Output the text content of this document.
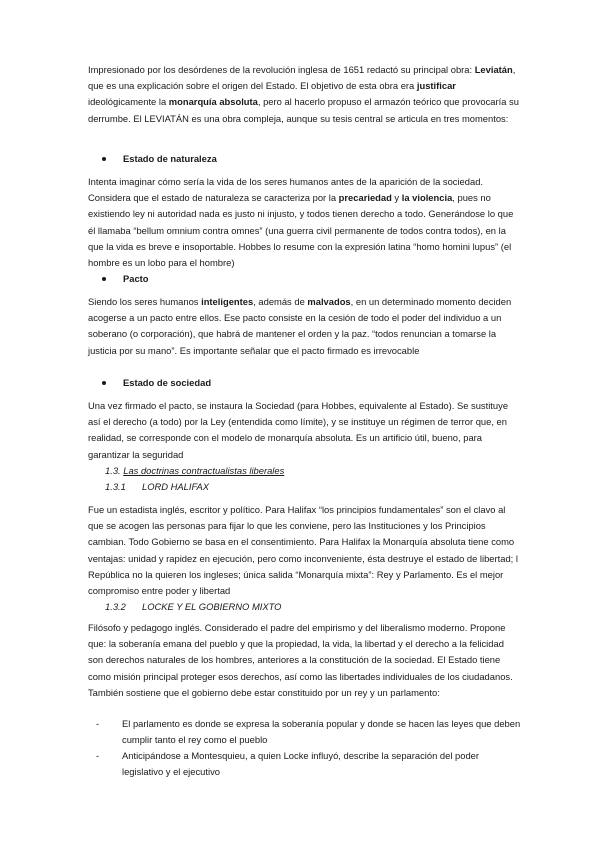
Impresionado por los desórdenes de la revolución inglesa de 1651 redactó su principal obra: Leviatán, que es una explicación sobre el origen del Estado. El objetivo de esta obra era justificar ideológicamente la monarquía absoluta, pero al hacerlo propuso el armazón teórico que provocaría su derrumbe. El LEVIATÁN es una obra compleja, aunque su tesis central se articula en tres momentos:

Estado de naturaleza

Intenta imaginar cómo sería la vida de los seres humanos antes de la aparición de la sociedad. Considera que el estado de naturaleza se caracteriza por la precariedad y la violencia, pues no existiendo ley ni autoridad nada es justo ni injusto, y todos tienen derecho a todo. Generándose lo que él llamaba “bellum omnium contra omnes” (una guerra civil permanente de todos contra todos), en la que la vida es breve e insoportable. Hobbes lo resume con la expresión latina “homo homini lupus” (el hombre es un lobo para el hombre)

Pacto

Siendo los seres humanos inteligentes, además de malvados, en un determinado momento deciden acogerse a un pacto entre ellos. Ese pacto consiste en la cesión de todo el poder del individuo a un soberano (o corporación), que habrá de mantener el orden y la paz. “todos renuncian a tomarse la justicia por su mano”. Es importante señalar que el pacto firmado es irrevocable

Estado de sociedad

Una vez firmado el pacto, se instaura la Sociedad (para Hobbes, equivalente al Estado). Se sustituye así el derecho (a todo) por la Ley (entendida como límite), y se instituye un régimen de terror que, en realidad, se corresponde con el modelo de monarquía absoluta. Es un artificio útil, bueno, para garantizar la seguridad

1.3. Las doctrinas contractualistas liberales
1.3.1 LORD HALIFAX

Fue un estadista inglés, escritor y político. Para Halifax “los principios fundamentales” son el clavo al que se acogen las personas para fijar lo que les conviene, pero las Instituciones y los Principios cambian. Todo Gobierno se basa en el consentimiento. Para Halifax la Monarquía absoluta tiene como ventajas: unidad y rapidez en ejecución, pero como inconveniente, ésta destruye el estado de libertad; l República no la quieren los ingleses; única salida “Monarquía mixta”: Rey y Parlamento. Es el mejor compromiso entre poder y libertad

1.3.2 LOCKE Y EL GOBIERNO MIXTO

Filósofo y pedagogo inglés. Considerado el padre del empirismo y del liberalismo moderno. Propone que: la soberanía emana del pueblo y que la propiedad, la vida, la libertad y el derecho a la felicidad son derechos naturales de los hombres, anteriores a la constitución de la sociedad. El Estado tiene como misión principal proteger esos derechos, así como las libertades individuales de los ciudadanos. También sostiene que el gobierno debe estar constituido por un rey y un parlamento:

- El parlamento es donde se expresa la soberanía popular y donde se hacen las leyes que deben cumplir tanto el rey como el pueblo
- Anticipándose a Montesquieu, a quien Locke influyó, describe la separación del poder legislativo y el ejecutivo
